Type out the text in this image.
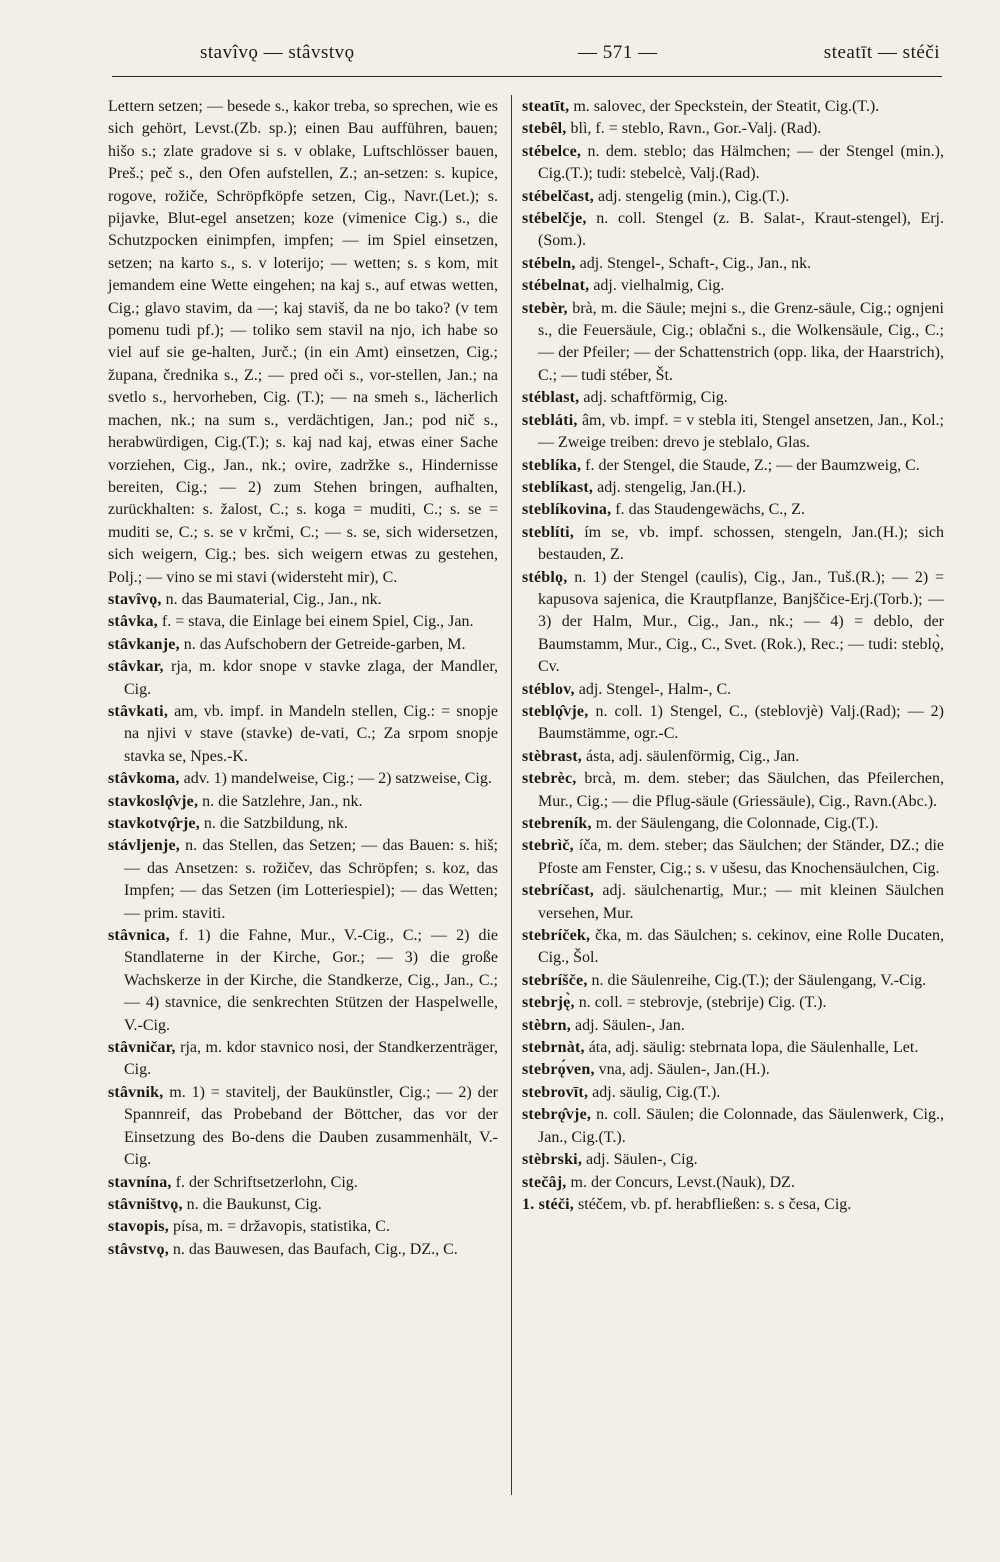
stavîvǫ — stâvstvǫ	— 571 —	steatīt — stéči

Lettern setzen; — besede s., kakor treba, so sprechen, wie es sich gehört, Levst.(Zb. sp.); einen Bau aufführen, bauen; hišo s.; zlate gradove si s. v oblake, Luftschlösser bauen, Preš.; peč s., den Ofen aufstellen, Z.; an-setzen: s. kupice, rogove, rožiče, Schröpfköpfe setzen, Cig., Navr.(Let.); s. pijavke, Blut-egel ansetzen; koze (vimenice Cig.) s., die Schutzpocken einimpfen, impfen; — im Spiel einsetzen, setzen; na karto s., s. v loterijo; — wetten; s. s kom, mit jemandem eine Wette eingehen; na kaj s., auf etwas wetten, Cig.; glavo stavim, da —; kaj staviš, da ne bo tako? (v tem pomenu tudi pf.); — toliko sem stavil na njo, ich habe so viel auf sie ge-halten, Jurč.; (in ein Amt) einsetzen, Cig.; župana, črednika s., Z.; — pred oči s., vor-stellen, Jan.; na svetlo s., hervorheben, Cig. (T.); — na smeh s., lächerlich machen, nk.; na sum s., verdächtigen, Jan.; pod nič s., herabwürdigen, Cig.(T.); s. kaj nad kaj, etwas einer Sache vorziehen, Cig., Jan., nk.; ovire, zadržke s., Hindernisse bereiten, Cig.; — 2) zum Stehen bringen, aufhalten, zurückhalten: s. žalost, C.; s. koga = muditi, C.; s. se = muditi se, C.; s. se v krčmi, C.; — s. se, sich widersetzen, sich weigern, Cig.; bes. sich weigern etwas zu gestehen, Polj.; — vino se mi stavi (widersteht mir), C.

stavîvǫ, n. das Baumaterial, Cig., Jan., nk.

stâvka, f. = stava, die Einlage bei einem Spiel, Cig., Jan.

stâvkanje, n. das Aufschobern der Getreide-garben, M.

stâvkar, rja, m. kdor snope v stavke zlaga, der Mandler, Cig.

stâvkati, am, vb. impf. in Mandeln stellen, Cig.: = snopje na njivi v stave (stavke) de-vati, C.; Za srpom snopje stavka se, Npes.-K.

stâvkoma, adv. 1) mandelweise, Cig.; — 2) satzweise, Cig.

stavkoslǫ̂vje, n. die Satzlehre, Jan., nk.

stavkotvǫ̂rje, n. die Satzbildung, nk.

stávljenje, n. das Stellen, das Setzen; — das Bauen: s. hiš; — das Ansetzen: s. rožičev, das Schröpfen; s. koz, das Impfen; — das Setzen (im Lotteriespiel); — das Wetten; — prim. staviti.

stâvnica, f. 1) die Fahne, Mur., V.-Cig., C.; — 2) die Standlaterne in der Kirche, Gor.; — 3) die große Wachskerze in der Kirche, die Standkerze, Cig., Jan., C.; — 4) stavnice, die senkrechten Stützen der Haspelwelle, V.-Cig.

stâvničar, rja, m. kdor stavnico nosi, der Standkerzenträger, Cig.

stâvnik, m. 1) = stavitelj, der Baukünstler, Cig.; — 2) der Spannreif, das Probeband der Böttcher, das vor der Einsetzung des Bo-dens die Dauben zusammenhält, V.-Cig.

stavnína, f. der Schriftsetzerlohn, Cig.

stâvništvǫ, n. die Baukunst, Cig.

stavopis, písa, m. = državopis, statistika, C.

stâvstvǫ, n. das Bauwesen, das Baufach, Cig., DZ., C.

steatīt, m. salovec, der Speckstein, der Steatit, Cig.(T.).

stebȇl, blì, f. = steblo, Ravn., Gor.-Valj. (Rad).

stébelce, n. dem. steblo; das Hälmchen; — der Stengel (min.), Cig.(T.); tudi: stebelcè, Valj.(Rad).

stébelčast, adj. stengelig (min.), Cig.(T.).

stébelčje, n. coll. Stengel (z. B. Salat-, Kraut-stengel), Erj.(Som.).

stébeln, adj. Stengel-, Schaft-, Cig., Jan., nk.

stébelnat, adj. vielhalmig, Cig.

stebèr, brà, m. die Säule; mejni s., die Grenz-säule, Cig.; ognjeni s., die Feuersäule, Cig.; oblačni s., die Wolkensäule, Cig., C.; — der Pfeiler; — der Schattenstrich (opp. lika, der Haarstrich), C.; — tudi stéber, Št.

stéblast, adj. schaftförmig, Cig.

stebláti, âm, vb. impf. = v stebla iti, Stengel ansetzen, Jan., Kol.; — Zweige treiben: drevo je steblalo, Glas.

steblíka, f. der Stengel, die Staude, Z.; — der Baumzweig, C.

steblíkast, adj. stengelig, Jan.(H.).

steblíkovina, f. das Staudengewächs, C., Z.

steblíti, ím se, vb. impf. schossen, stengeln, Jan.(H.); sich bestauden, Z.

stéblǫ, n. 1) der Stengel (caulis), Cig., Jan., Tuš.(R.); — 2) = kapusova sajenica, die Krautpflanze, Banjščice-Erj.(Torb.); — 3) der Halm, Mur., Cig., Jan., nk.; — 4) = deblo, der Baumstamm, Mur., Cig., C., Svet. (Rok.), Rec.; — tudi: steblǫ̀, Cv.

stéblov, adj. Stengel-, Halm-, C.

steblǫ̂vje, n. coll. 1) Stengel, C., (steblovjè) Valj.(Rad); — 2) Baumstämme, ogr.-C.

stèbrast, ásta, adj. säulenförmig, Cig., Jan.

stebrèc, brcà, m. dem. steber; das Säulchen, das Pfeilerchen, Mur., Cig.; — die Pflug-säule (Griessäule), Cig., Ravn.(Abc.).

stebreník, m. der Säulengang, die Colonnade, Cig.(T.).

stebrìč, íča, m. dem. steber; das Säulchen; der Ständer, DZ.; die Pfoste am Fenster, Cig.; s. v ušesu, das Knochensäulchen, Cig.

stebríčast, adj. säulchenartig, Mur.; — mit kleinen Säulchen versehen, Mur.

stebríček, čka, m. das Säulchen; s. cekinov, eine Rolle Ducaten, Cig., Šol.

stebríšče, n. die Säulenreihe, Cig.(T.); der Säulengang, V.-Cig.

stebrję̀, n. coll. = stebrovje, (stebrije) Cig. (T.).

stèbrn, adj. Säulen-, Jan.

stebrnàt, áta, adj. säulig: stebrnata lopa, die Säulenhalle, Let.

stebrǫ́ven, vna, adj. Säulen-, Jan.(H.).

stebrovīt, adj. säulig, Cig.(T.).

stebrǫ̂vje, n. coll. Säulen; die Colonnade, das Säulenwerk, Cig., Jan., Cig.(T.).

stèbrski, adj. Säulen-, Cig.

stečâj, m. der Concurs, Levst.(Nauk), DZ.

1. stéči, stéčem, vb. pf. herabfließen: s. s česa, Cig.
